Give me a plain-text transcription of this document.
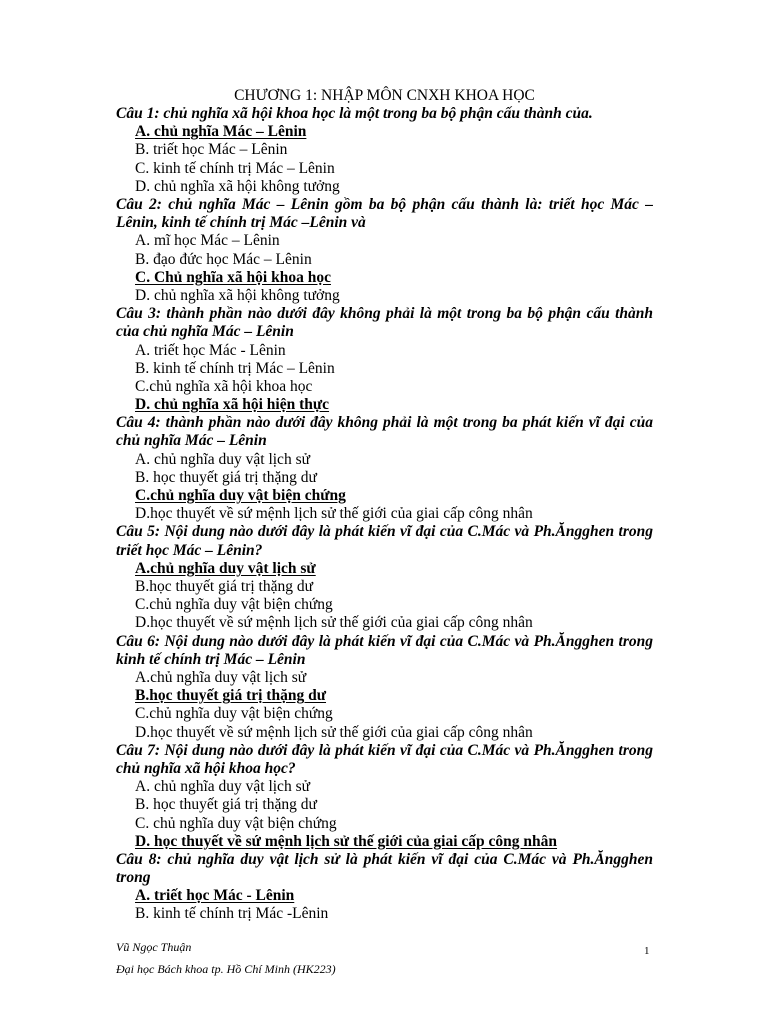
CHƯƠNG 1: NHẬP MÔN CNXH KHOA HỌC

Câu 1: chủ nghĩa xã hội khoa học là một trong ba bộ phận cấu thành của.

A. chủ nghĩa Mác – Lênin
B. triết học Mác – Lênin
C. kinh tế chính trị Mác – Lênin
D. chủ nghĩa xã hội không tưởng

Câu 2: chủ nghĩa Mác – Lênin gồm ba bộ phận cấu thành là: triết học Mác – Lênin, kinh tế chính trị Mác –Lênin và

A. mĩ học Mác – Lênin
B. đạo đức học Mác – Lênin
C. Chủ nghĩa xã hội khoa học
D. chủ nghĩa xã hội không tưởng

Câu 3: thành phần nào dưới đây không phải là một trong ba bộ phận cấu thành của chủ nghĩa Mác – Lênin

A. triết học Mác - Lênin
B. kinh tế chính trị Mác – Lênin
C.chủ nghĩa xã hội khoa học
D. chủ nghĩa xã hội hiện thực

Câu 4: thành phần nào dưới đây không phải là một trong ba phát kiến vĩ đại của chủ nghĩa Mác – Lênin

A. chủ nghĩa duy vật lịch sử
B. học thuyết giá trị thặng dư
C.chủ nghĩa duy vật biện chứng
D.học thuyết về sứ mệnh lịch sử thế giới của giai cấp công nhân

Câu 5: Nội dung nào dưới đây là phát kiến vĩ đại của C.Mác và Ph.Ăngghen trong triết học Mác – Lênin?

A.chủ nghĩa duy vật lịch sử
B.học thuyết giá trị thặng dư
C.chủ nghĩa duy vật biện chứng
D.học thuyết về sứ mệnh lịch sử thế giới của giai cấp công nhân

Câu 6: Nội dung nào dưới đây là phát kiến vĩ đại của C.Mác và Ph.Ăngghen trong kinh tế chính trị Mác – Lênin

A.chủ nghĩa duy vật lịch sử
B.học thuyết giá trị thặng dư
C.chủ nghĩa duy vật biện chứng
D.học thuyết về sứ mệnh lịch sử thế giới của giai cấp công nhân

Câu 7: Nội dung nào dưới đây là phát kiến vĩ đại của C.Mác và Ph.Ăngghen trong chủ nghĩa xã hội khoa học?

A. chủ nghĩa duy vật lịch sử
B. học thuyết giá trị thặng dư
C. chủ nghĩa duy vật biện chứng
D. học thuyết về sứ mệnh lịch sử thế giới của giai cấp công nhân

Câu 8: chủ nghĩa duy vật lịch sử là phát kiến vĩ đại của C.Mác và Ph.Ăngghen trong

A. triết học Mác - Lênin
B. kinh tế chính trị Mác -Lênin
Vũ Ngọc Thuận
Đại học Bách khoa tp. Hồ Chí Minh (HK223)
1
